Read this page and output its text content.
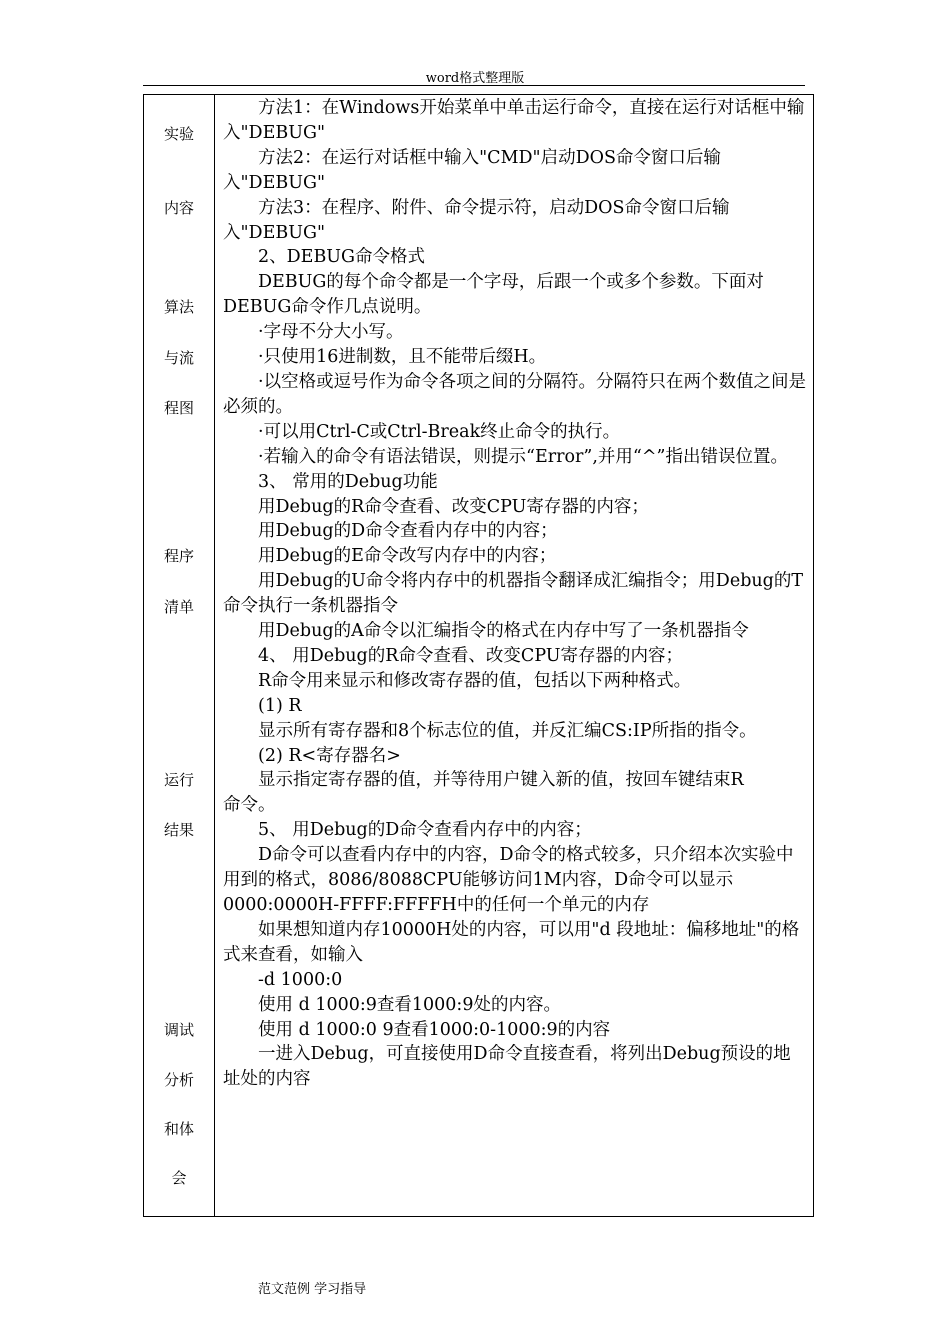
word格式整理版
实验
内容
算法
与流
程图
程序
清单
运行
结果
调试
分析
和体
会

方法1：在Windows开始菜单中单击运行命令，直接在运行对话框中输入"DEBUG"

方法2：在运行对话框中输入"CMD"启动DOS命令窗口后输入"DEBUG"

方法3：在程序、附件、命令提示符，启动DOS命令窗口后输入"DEBUG"

2、DEBUG命令格式

DEBUG的每个命令都是一个字母，后跟一个或多个参数。下面对DEBUG命令作几点说明。

·字母不分大小写。

·只使用16进制数，且不能带后缀H。

·以空格或逗号作为命令各项之间的分隔符。分隔符只在两个数值之间是必须的。

·可以用Ctrl-C或Ctrl-Break终止命令的执行。

·若输入的命令有语法错误，则提示“Error”,并用“^”指出错误位置。

3、 常用的Debug功能

用Debug的R命令查看、改变CPU寄存器的内容；

用Debug的D命令查看内存中的内容；

用Debug的E命令改写内存中的内容；

用Debug的U命令将内存中的机器指令翻译成汇编指令；用Debug的T命令执行一条机器指令

用Debug的A命令以汇编指令的格式在内存中写了一条机器指令

4、 用Debug的R命令查看、改变CPU寄存器的内容；

R命令用来显示和修改寄存器的值，包括以下两种格式。

(1) R

显示所有寄存器和8个标志位的值，并反汇编CS:IP所指的指令。

(2) R<寄存器名>

显示指定寄存器的值，并等待用户键入新的值，按回车键结束R

命令。

5、 用Debug的D命令查看内存中的内容；

D命令可以查看内存中的内容，D命令的格式较多，只介绍本次实验中用到的格式，8086/8088CPU能够访问1M内容，D命令可以显示0000:0000H-FFFF:FFFFH中的任何一个单元的内存

如果想知道内存10000H处的内容，可以用"d 段地址：偏移地址"的格式来查看，如输入

-d 1000:0

使用 d 1000:9查看1000:9处的内容。

使用 d 1000:0 9查看1000:0-1000:9的内容

一进入Debug，可直接使用D命令直接查看，将列出Debug预设的地址处的内容

范文范例 学习指导
